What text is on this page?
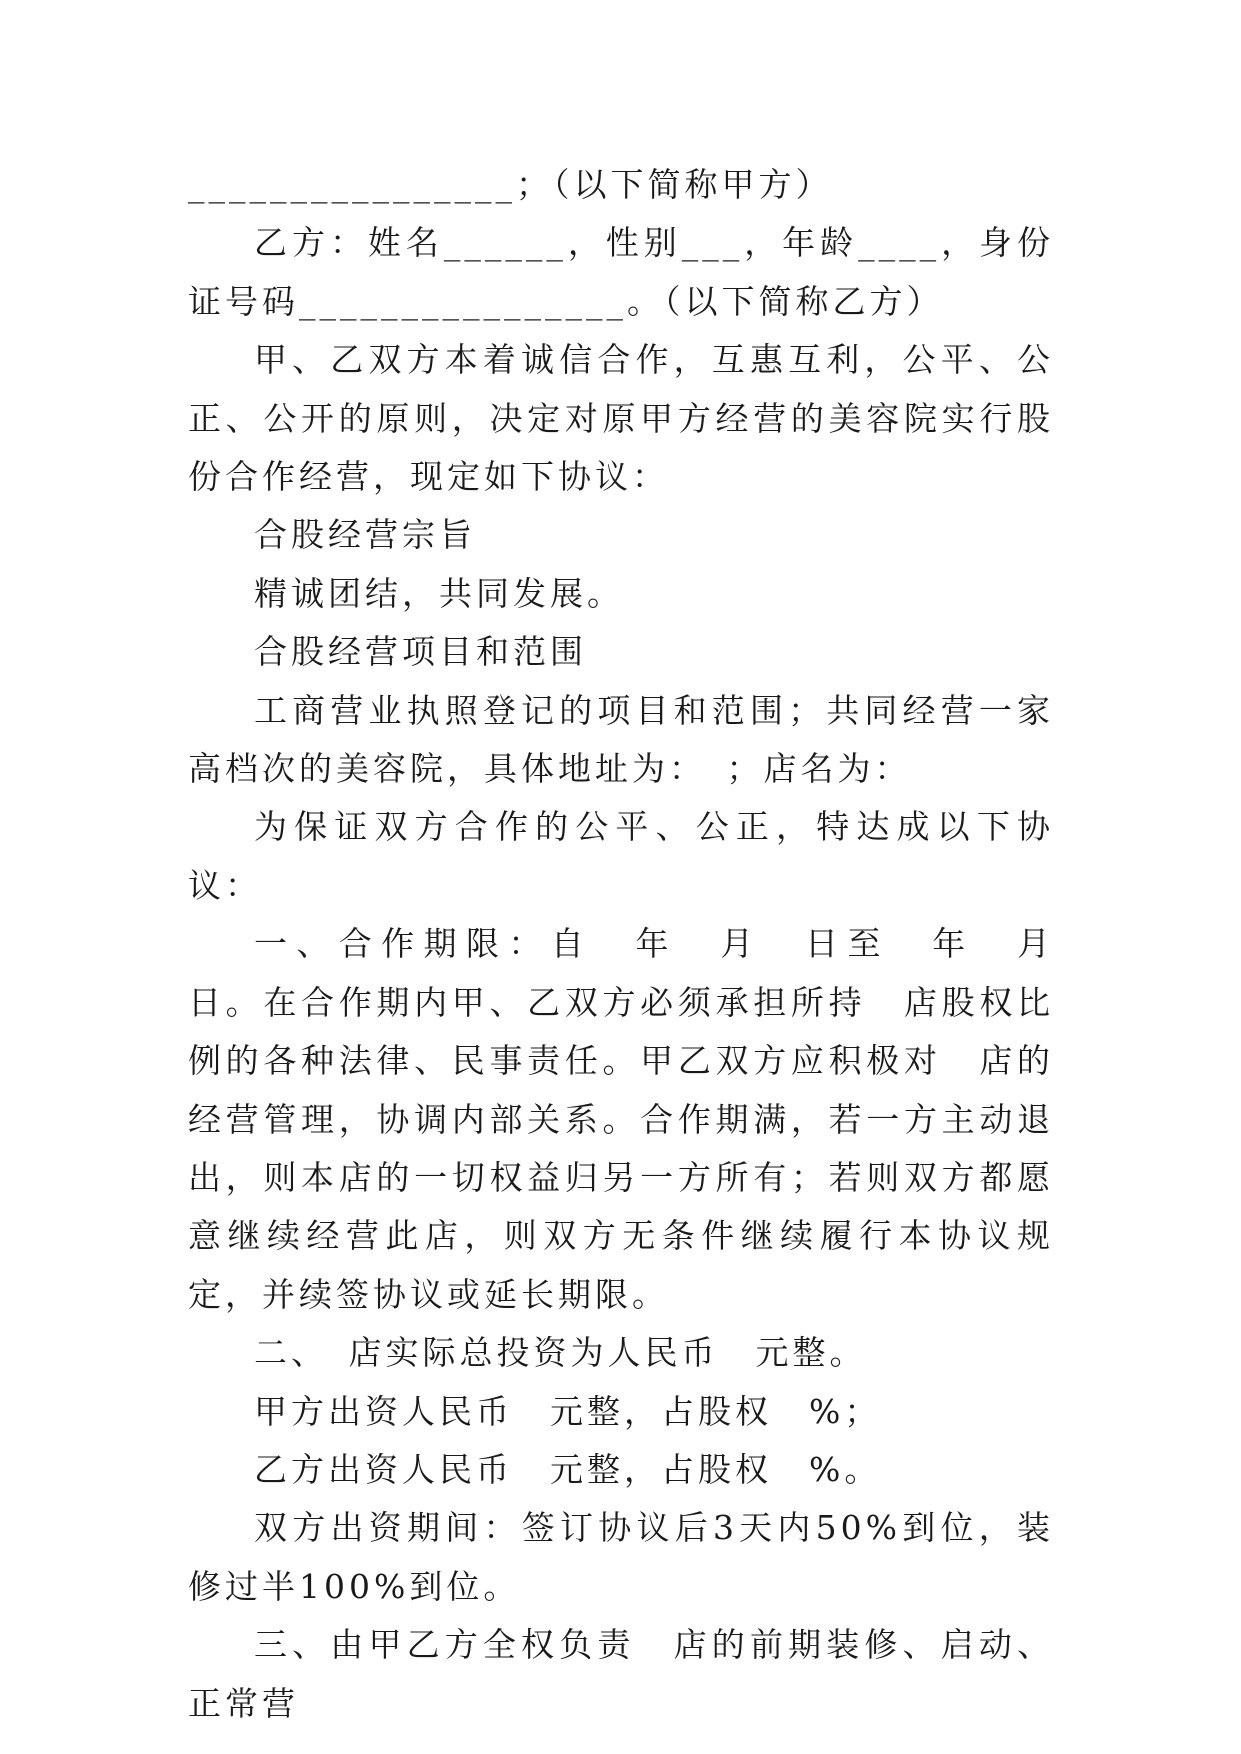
________________；（以下简称甲方）

乙方：姓名______，性别___，年龄____，身份证号码________________。（以下简称乙方）

甲、乙双方本着诚信合作，互惠互利，公平、公正、公开的原则，决定对原甲方经营的美容院实行股份合作经营，现定如下协议：

合股经营宗旨

精诚团结，共同发展。

合股经营项目和范围

工商营业执照登记的项目和范围；共同经营一家高档次的美容院，具体地址为：　；店名为：

为保证双方合作的公平、公正，特达成以下协议：

一、合作期限：自　年　月　日至　年　月　日。在合作期内甲、乙双方必须承担所持　店股权比例的各种法律、民事责任。甲乙双方应积极对　店的经营管理，协调内部关系。合作期满，若一方主动退出，则本店的一切权益归另一方所有；若则双方都愿意继续经营此店，则双方无条件继续履行本协议规定，并续签协议或延长期限。

二、　店实际总投资为人民币　元整。

甲方出资人民币　元整，占股权　%；

乙方出资人民币　元整，占股权　%。

双方出资期间：签订协议后3天内50%到位，装修过半100%到位。

三、由甲乙方全权负责　店的前期装修、启动、正常营
